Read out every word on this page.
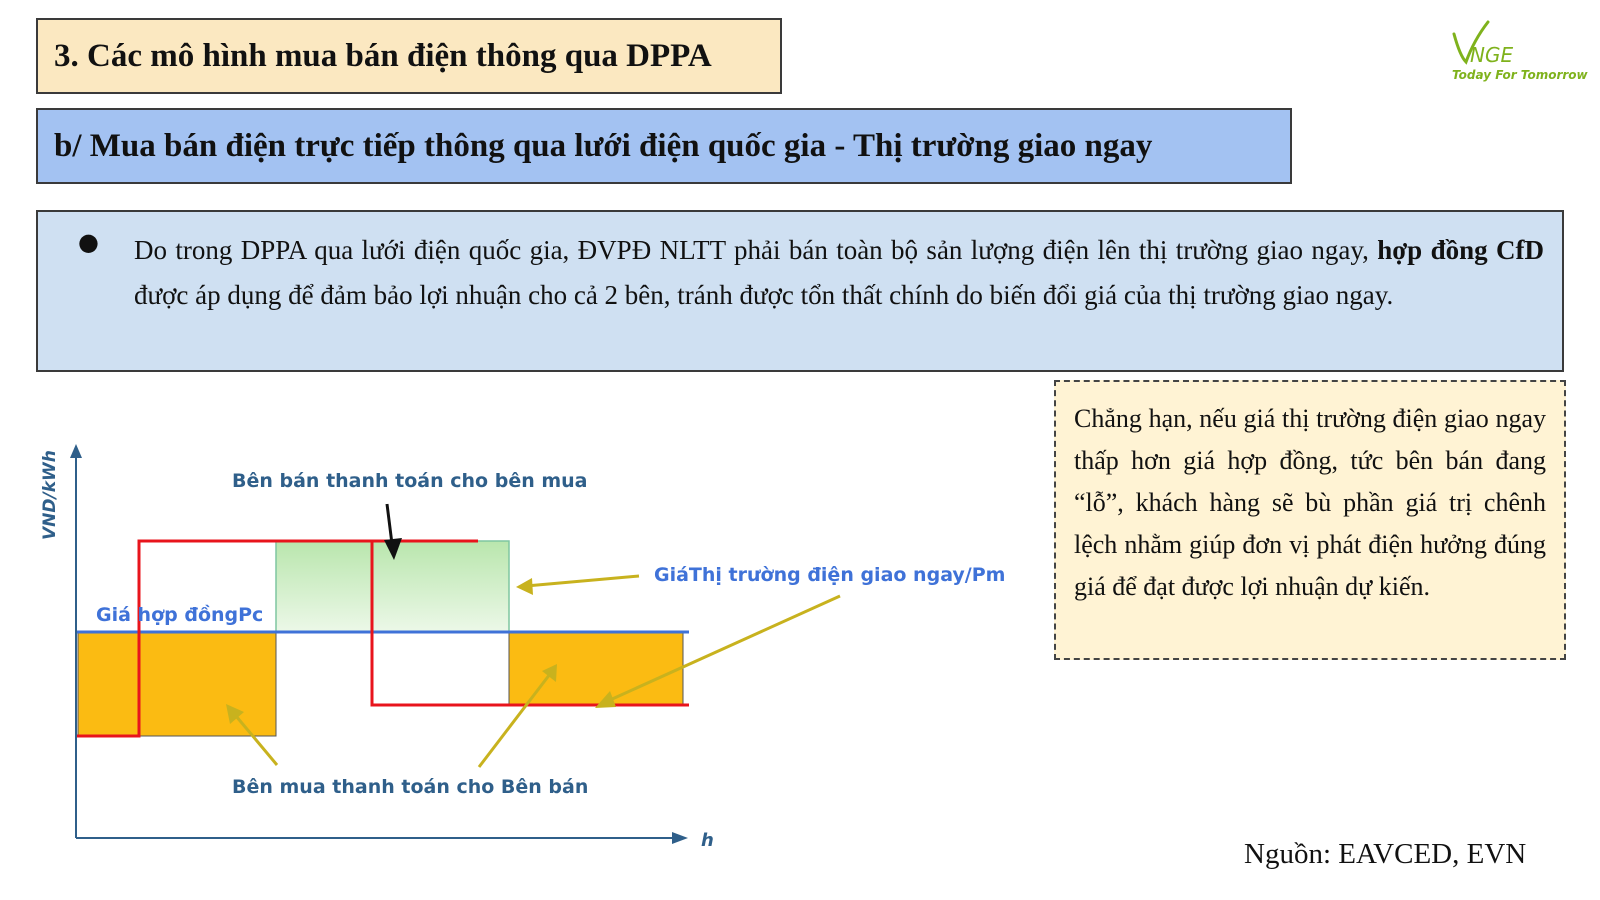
3. Các mô hình mua bán điện thông qua DPPA
b/ Mua bán điện trực tiếp thông qua lưới điện quốc gia - Thị trường giao ngay
NGE
Today For Tomorrow
● Do trong DPPA qua lưới điện quốc gia, ĐVPĐ NLTT phải bán toàn bộ sản lượng điện lên thị trường giao ngay, hợp đồng CfD được áp dụng để đảm bảo lợi nhuận cho cả 2 bên, tránh được tổn thất chính do biến đổi giá của thị trường giao ngay.
VND/kWh
h
Bên bán thanh toán cho bên mua
GiáThị trường điện giao ngay/Pm
Giá hợp đồngPc
Bên mua thanh toán cho Bên bán
Chẳng hạn, nếu giá thị trường điện giao ngay thấp hơn giá hợp đồng, tức bên bán đang “lỗ”, khách hàng sẽ bù phần giá trị chênh lệch nhằm giúp đơn vị phát điện hưởng đúng giá để đạt được lợi nhuận dự kiến.
Nguồn: EAVCED, EVN
